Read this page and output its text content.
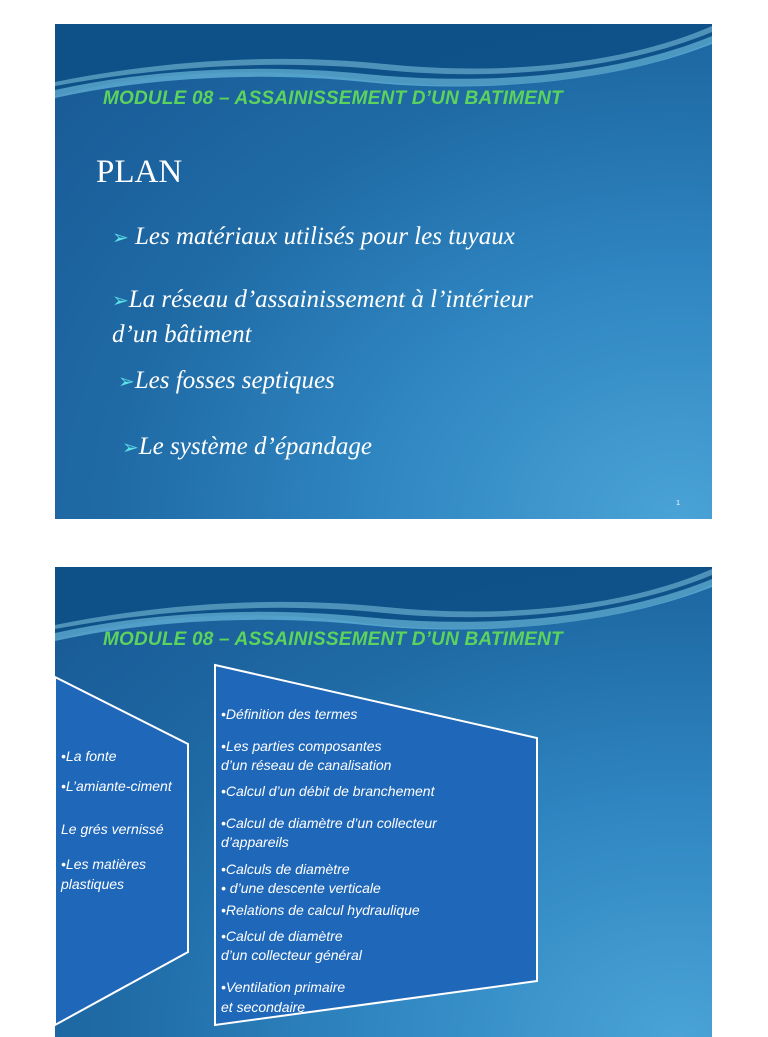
MODULE 08 – ASSAINISSEMENT D’UN BATIMENT
PLAN
➢ Les matériaux utilisés pour les tuyaux
➢La réseau d’assainissement à l’intérieur
d’un bâtiment
➢Les fosses septiques
➢Le système d’épandage
1
MODULE 08 – ASSAINISSEMENT D’UN BATIMENT
•La fonte
•L’amiante-ciment
Le grés vernissé
•Les matières
plastiques
•Définition des termes
•Les parties composantes
d’un réseau de canalisation
•Calcul d’un débit de branchement
•Calcul de diamètre d’un collecteur
d’appareils
•Calculs de diamètre
• d’une descente verticale
•Relations de calcul hydraulique
•Calcul de diamètre
d’un collecteur général
•Ventilation primaire
et secondaire
